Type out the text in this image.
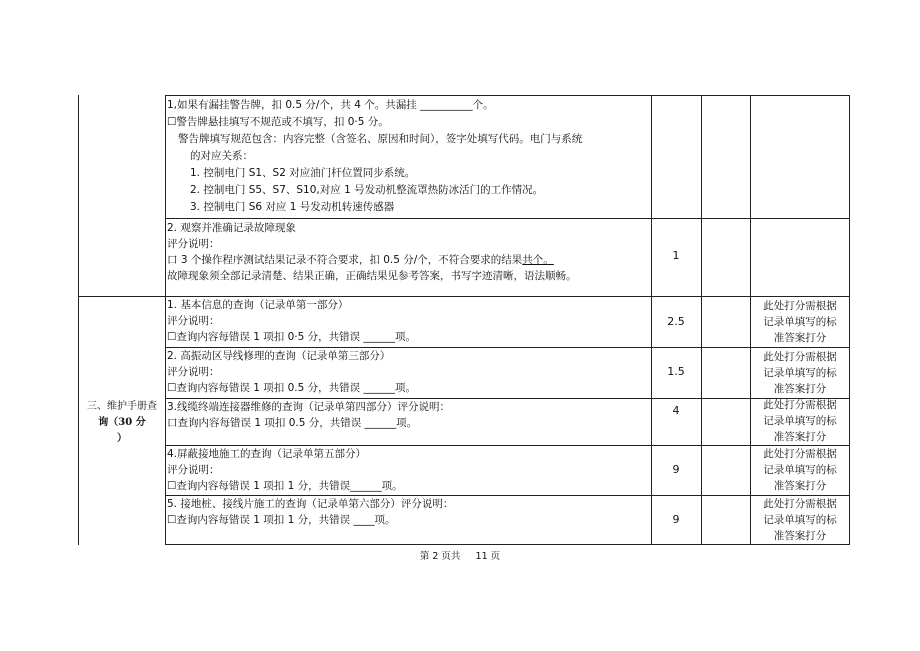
1,如果有漏挂警告牌，扣 0.5 分/个，共 4 个。共漏挂 __________个。
☐警告牌悬挂填写不规范或不填写，扣 0·5 分。
警告牌填写规范包含：内容完整（含签名、原因和时间），签字处填写代码。电门与系统
的对应关系：
1. 控制电门 S1、S2 对应油门杆位置同步系统。
2. 控制电门 S5、S7、S10,对应 1 号发动机整流罩热防冰活门的工作情况。
3. 控制电门 S6 对应 1 号发动机转速传感器
2. 观察并准确记录故障现象
评分说明：
口 3 个操作程序测试结果记录不符合要求，扣 0.5 分/个，不符合要求的结果共个。
故障现象须全部记录清楚、结果正确，正确结果见参考答案，书写字迹清晰，语法顺畅。
1
三、维护手册查
询（30 分
）
1. 基本信息的查询（记录单第一部分）
评分说明：
☐查询内容每错误 1 项扣 0·5 分，共错误 ______项。
2.5
此处打分需根据
记录单填写的标
准答案打分
2. 高振动区导线修理的查询（记录单第三部分）
评分说明：
☐查询内容每错误 1 项扣 0.5 分，共错误 ______项。
1.5
此处打分需根据
记录单填写的标
准答案打分
3.线缆终端连接器维修的查询（记录单第四部分）评分说明：
口查询内容每错误 1 项扣 0.5 分，共错误 ______项。
4	此处打分需根据
记录单填写的标
准答案打分
4.屏蔽接地施工的查询（记录单第五部分）
评分说明：
☐查询内容每错误 1 项扣 1 分，共错误______项。
9
此处打分需根据
记录单填写的标
准答案打分
5. 接地桩、接线片施工的查询（记录单第六部分）评分说明：
☐查询内容每错误 1 项扣 1 分，共错误 ____项。	9
此处打分需根据
记录单填写的标
准答案打分
第 2 页共     11 页
